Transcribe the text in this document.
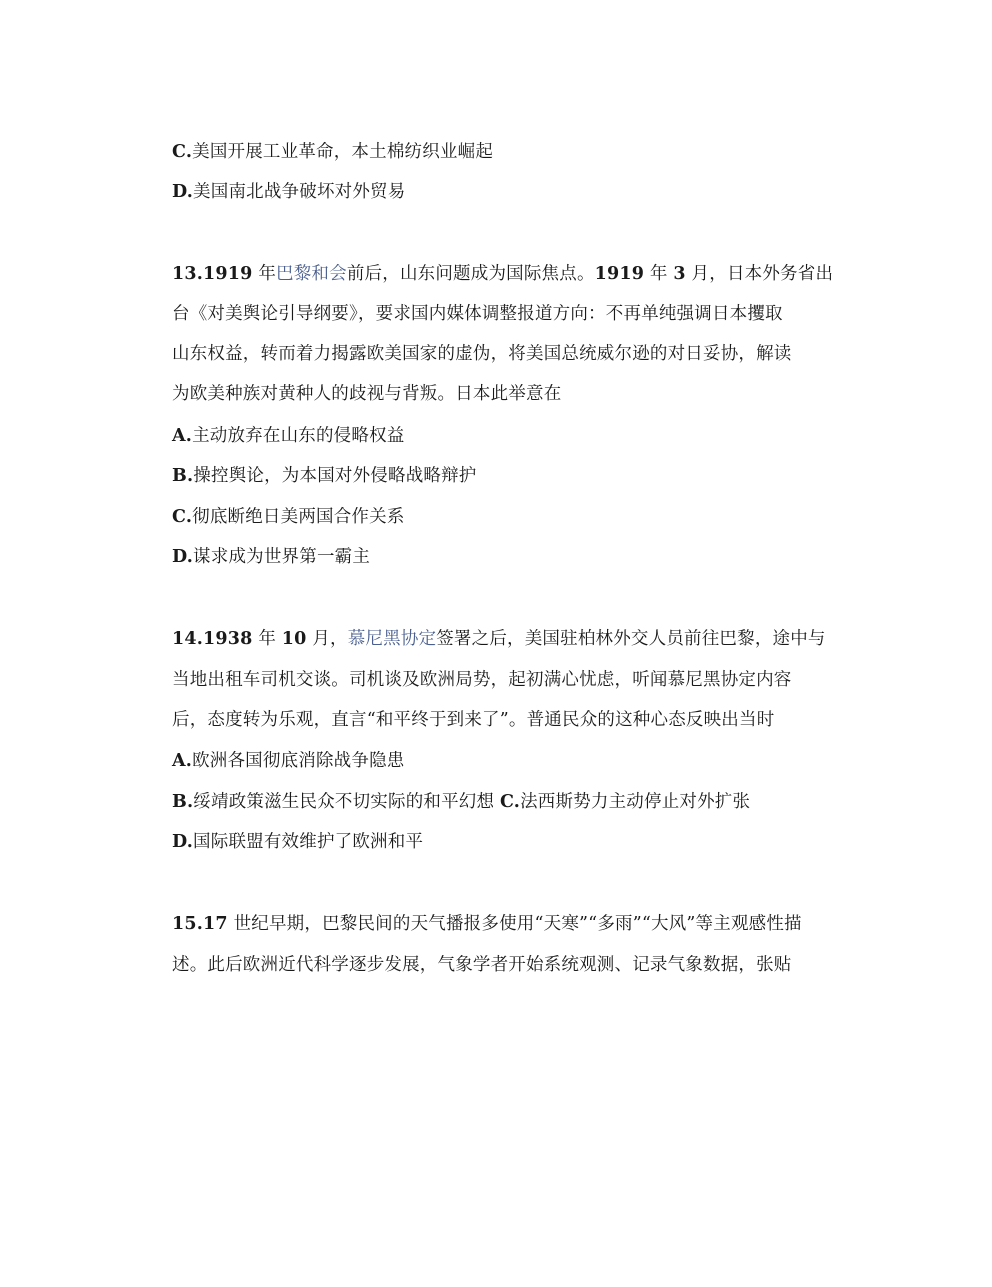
C.美国开展工业革命，本土棉纺织业崛起
D.美国南北战争破坏对外贸易
13.1919 年巴黎和会前后，山东问题成为国际焦点。1919 年 3 月，日本外务省出
台《对美舆论引导纲要》，要求国内媒体调整报道方向：不再单纯强调日本攫取
山东权益，转而着力揭露欧美国家的虚伪，将美国总统威尔逊的对日妥协，解读
为欧美种族对黄种人的歧视与背叛。日本此举意在
A.主动放弃在山东的侵略权益
B.操控舆论，为本国对外侵略战略辩护
C.彻底断绝日美两国合作关系
D.谋求成为世界第一霸主
14.1938 年 10 月，慕尼黑协定签署之后，美国驻柏林外交人员前往巴黎，途中与
当地出租车司机交谈。司机谈及欧洲局势，起初满心忧虑，听闻慕尼黑协定内容
后，态度转为乐观，直言“和平终于到来了”。普通民众的这种心态反映出当时
A.欧洲各国彻底消除战争隐患
B.绥靖政策滋生民众不切实际的和平幻想 C.法西斯势力主动停止对外扩张
D.国际联盟有效维护了欧洲和平
15.17 世纪早期，巴黎民间的天气播报多使用“天寒”“多雨”“大风”等主观感性描
述。此后欧洲近代科学逐步发展，气象学者开始系统观测、记录气象数据，张贴
